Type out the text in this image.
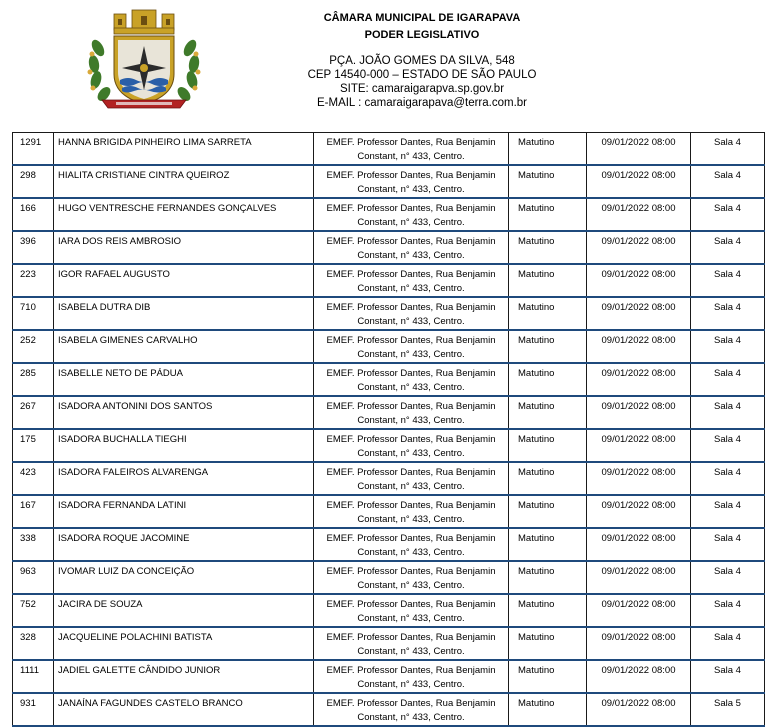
CÂMARA MUNICIPAL DE IGARAPAVA
PODER LEGISLATIVO
PÇA. JOÃO GOMES DA SILVA, 548
CEP 14540-000 – ESTADO DE SÃO PAULO
SITE: camaraigarapva.sp.gov.br
E-MAIL : camaraigarapava@terra.com.br
1291	HANNA BRIGIDA PINHEIRO LIMA SARRETA	EMEF. Professor Dantes, Rua Benjamin
Constant, n° 433, Centro.	Matutino	09/01/2022 08:00	Sala 4
298	HIALITA CRISTIANE CINTRA QUEIROZ	EMEF. Professor Dantes, Rua Benjamin
Constant, n° 433, Centro.	Matutino	09/01/2022 08:00	Sala 4
166	HUGO VENTRESCHE FERNANDES GONÇALVES	EMEF. Professor Dantes, Rua Benjamin
Constant, n° 433, Centro.	Matutino	09/01/2022 08:00	Sala 4
396	IARA DOS REIS AMBROSIO	EMEF. Professor Dantes, Rua Benjamin
Constant, n° 433, Centro.	Matutino	09/01/2022 08:00	Sala 4
223	IGOR RAFAEL AUGUSTO	EMEF. Professor Dantes, Rua Benjamin
Constant, n° 433, Centro.	Matutino	09/01/2022 08:00	Sala 4
710	ISABELA DUTRA DIB	EMEF. Professor Dantes, Rua Benjamin
Constant, n° 433, Centro.	Matutino	09/01/2022 08:00	Sala 4
252	ISABELA GIMENES CARVALHO	EMEF. Professor Dantes, Rua Benjamin
Constant, n° 433, Centro.	Matutino	09/01/2022 08:00	Sala 4
285	ISABELLE NETO DE PÁDUA	EMEF. Professor Dantes, Rua Benjamin
Constant, n° 433, Centro.	Matutino	09/01/2022 08:00	Sala 4
267	ISADORA ANTONINI DOS SANTOS	EMEF. Professor Dantes, Rua Benjamin
Constant, n° 433, Centro.	Matutino	09/01/2022 08:00	Sala 4
175	ISADORA BUCHALLA TIEGHI	EMEF. Professor Dantes, Rua Benjamin
Constant, n° 433, Centro.	Matutino	09/01/2022 08:00	Sala 4
423	ISADORA FALEIROS ALVARENGA	EMEF. Professor Dantes, Rua Benjamin
Constant, n° 433, Centro.	Matutino	09/01/2022 08:00	Sala 4
167	ISADORA FERNANDA LATINI	EMEF. Professor Dantes, Rua Benjamin
Constant, n° 433, Centro.	Matutino	09/01/2022 08:00	Sala 4
338	ISADORA ROQUE JACOMINE	EMEF. Professor Dantes, Rua Benjamin
Constant, n° 433, Centro.	Matutino	09/01/2022 08:00	Sala 4
963	IVOMAR LUIZ DA CONCEIÇÃO	EMEF. Professor Dantes, Rua Benjamin
Constant, n° 433, Centro.	Matutino	09/01/2022 08:00	Sala 4
752	JACIRA DE SOUZA	EMEF. Professor Dantes, Rua Benjamin
Constant, n° 433, Centro.	Matutino	09/01/2022 08:00	Sala 4
328	JACQUELINE POLACHINI BATISTA	EMEF. Professor Dantes, Rua Benjamin
Constant, n° 433, Centro.	Matutino	09/01/2022 08:00	Sala 4
1111	JADIEL GALETTE CÂNDIDO JUNIOR	EMEF. Professor Dantes, Rua Benjamin
Constant, n° 433, Centro.	Matutino	09/01/2022 08:00	Sala 4
931	JANAÍNA FAGUNDES CASTELO BRANCO	EMEF. Professor Dantes, Rua Benjamin
Constant, n° 433, Centro.	Matutino	09/01/2022 08:00	Sala 5
